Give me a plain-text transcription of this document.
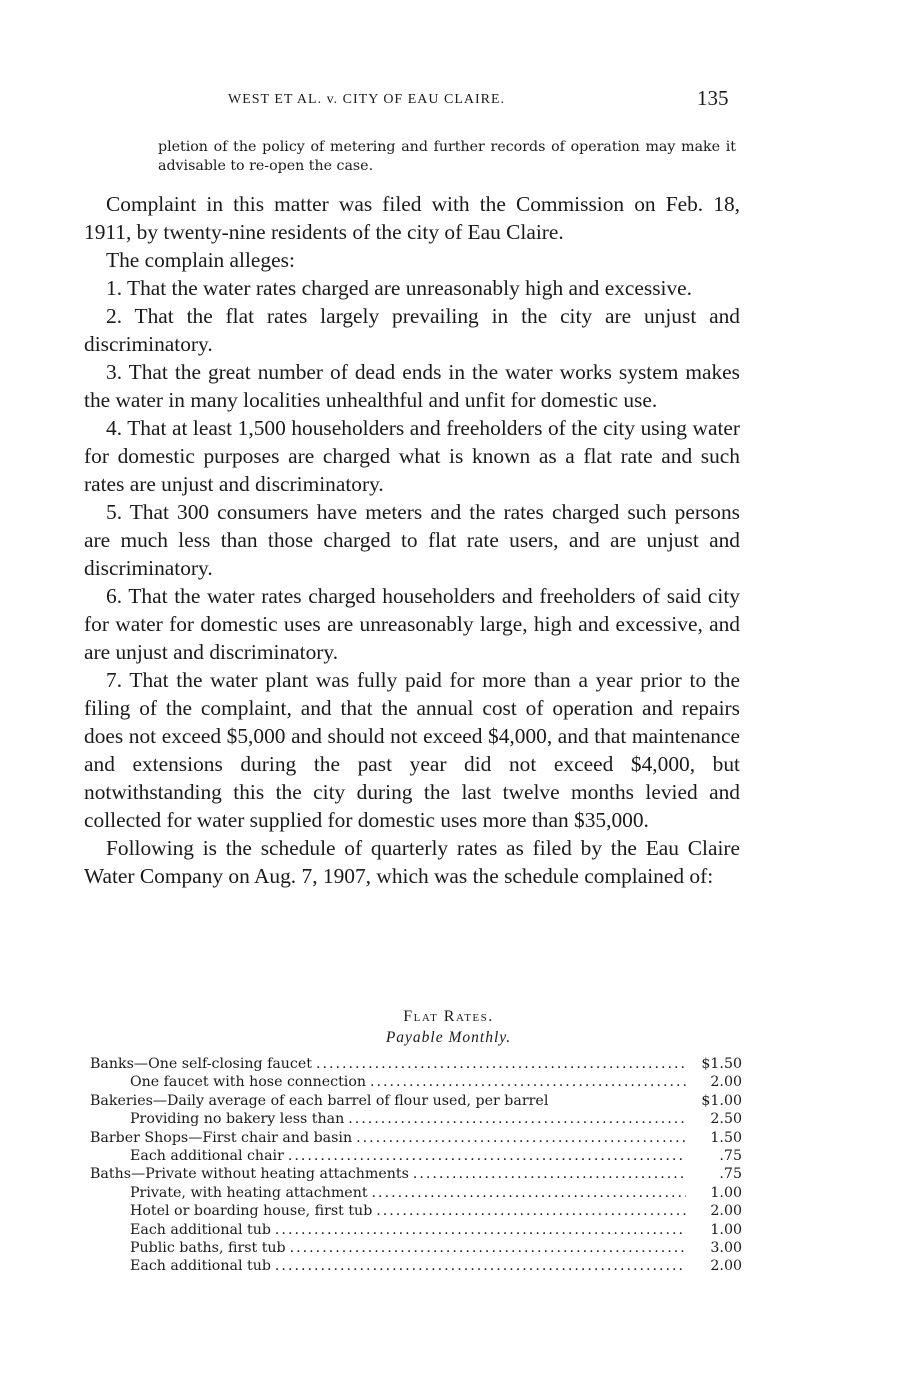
WEST ET AL. v. CITY OF EAU CLAIRE.	135
pletion of the policy of metering and further records of operation may make it advisable to re-open the case.

Complaint in this matter was filed with the Commission on Feb. 18, 1911, by twenty-nine residents of the city of Eau Claire.

The complain alleges:

1. That the water rates charged are unreasonably high and excessive.

2. That the flat rates largely prevailing in the city are unjust and discriminatory.

3. That the great number of dead ends in the water works system makes the water in many localities unhealthful and unfit for domestic use.

4. That at least 1,500 householders and freeholders of the city using water for domestic purposes are charged what is known as a flat rate and such rates are unjust and discriminatory.

5. That 300 consumers have meters and the rates charged such persons are much less than those charged to flat rate users, and are unjust and discriminatory.

6. That the water rates charged householders and freeholders of said city for water for domestic uses are unreasonably large, high and excessive, and are unjust and discriminatory.

7. That the water plant was fully paid for more than a year prior to the filing of the complaint, and that the annual cost of operation and repairs does not exceed $5,000 and should not exceed $4,000, and that maintenance and extensions during the past year did not exceed $4,000, but notwithstanding this the city during the last twelve months levied and collected for water supplied for domestic uses more than $35,000.

Following is the schedule of quarterly rates as filed by the Eau Claire Water Company on Aug. 7, 1907, which was the schedule complained of:

Flat Rates.
Payable Monthly.
Banks—One self-closing faucet .....	$1.50
One faucet with hose connection .....	2.00
Bakeries—Daily average of each barrel of flour used, per barrel	$1.00
Providing no bakery less than .....	2.50
Barber Shops—First chair and basin .....	1.50
Each additional chair .....	.75
Baths—Private without heating attachments .....	.75
Private, with heating attachment .....	1.00
Hotel or boarding house, first tub .....	2.00
Each additional tub .....	1.00
Public baths, first tub .....	3.00
Each additional tub .....	2.00
